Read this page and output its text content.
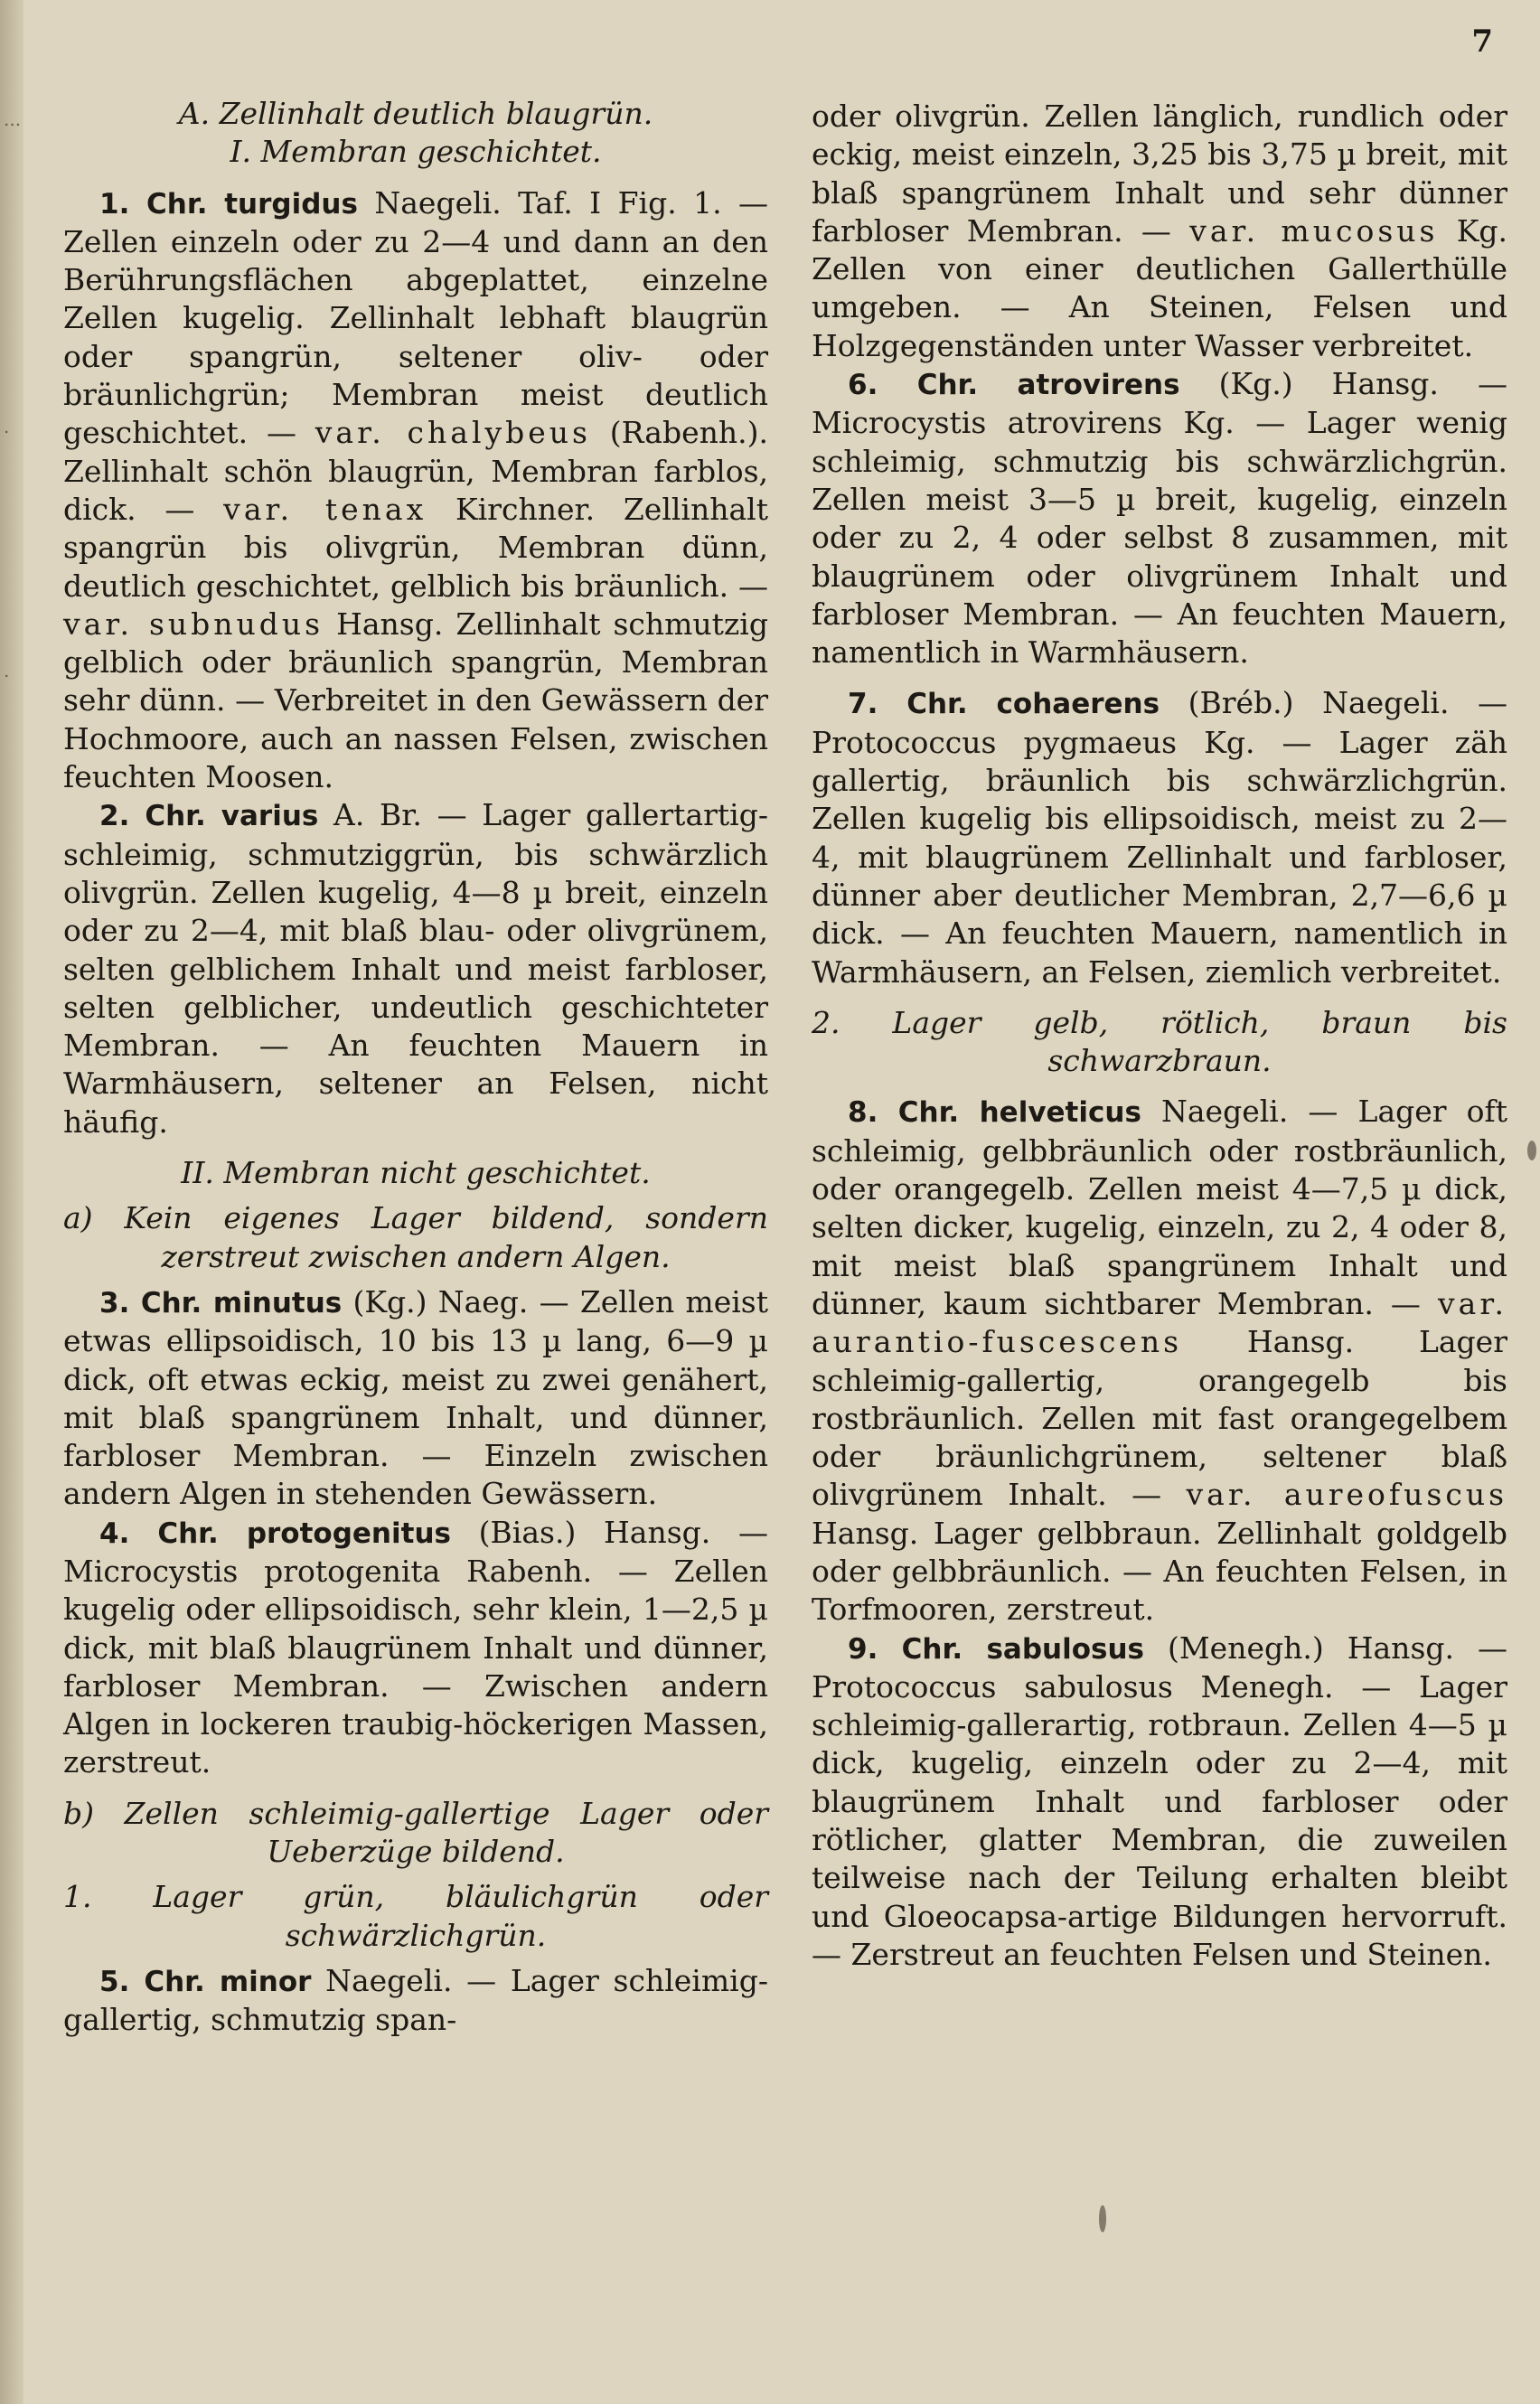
...
.
.
7

A. Zellinhalt deutlich blaugrün.

I. Membran geschichtet.

1. Chr. turgidus Naegeli. Taf. I Fig. 1. — Zellen einzeln oder zu 2—4 und dann an den Berührungsflächen abgeplattet, einzelne Zellen kugelig. Zellinhalt lebhaft blaugrün oder spangrün, seltener oliv- oder bräunlichgrün; Membran meist deutlich geschichtet. — var. chalybeus (Rabenh.). Zellinhalt schön blaugrün, Membran farblos, dick. — var. tenax Kirchner. Zellinhalt spangrün bis olivgrün, Membran dünn, deutlich geschichtet, gelblich bis bräunlich. — var. subnudus Hansg. Zellinhalt schmutzig gelblich oder bräunlich spangrün, Membran sehr dünn. — Verbreitet in den Gewässern der Hochmoore, auch an nassen Felsen, zwischen feuchten Moosen.

2. Chr. varius A. Br. — Lager gallertartig-schleimig, schmutziggrün, bis schwärzlich olivgrün. Zellen kugelig, 4—8 µ breit, einzeln oder zu 2—4, mit blaß blau- oder olivgrünem, selten gelblichem Inhalt und meist farbloser, selten gelblicher, undeutlich geschichteter Membran. — An feuchten Mauern in Warmhäusern, seltener an Felsen, nicht häufig.

II. Membran nicht geschichtet.

a) Kein eigenes Lager bildend, sondern zerstreut zwischen andern Algen.

3. Chr. minutus (Kg.) Naeg. — Zellen meist etwas ellipsoidisch, 10 bis 13 µ lang, 6—9 µ dick, oft etwas eckig, meist zu zwei genähert, mit blaß spangrünem Inhalt, und dünner, farbloser Membran. — Einzeln zwischen andern Algen in stehenden Gewässern.

4. Chr. protogenitus (Bias.) Hansg. — Microcystis protogenita Rabenh. — Zellen kugelig oder ellipsoidisch, sehr klein, 1—2,5 µ dick, mit blaß blaugrünem Inhalt und dünner, farbloser Membran. — Zwischen andern Algen in lockeren traubig-höckerigen Massen, zerstreut.

b) Zellen schleimig-gallertige Lager oder Ueberzüge bildend.

1. Lager grün, bläulichgrün oder schwärzlichgrün.

5. Chr. minor Naegeli. — Lager schleimig-gallertig, schmutzig span-

oder olivgrün. Zellen länglich, rundlich oder eckig, meist einzeln, 3,25 bis 3,75 µ breit, mit blaß spangrünem Inhalt und sehr dünner farbloser Membran. — var. mucosus Kg. Zellen von einer deutlichen Gallerthülle umgeben. — An Steinen, Felsen und Holzgegenständen unter Wasser verbreitet.

6. Chr. atrovirens (Kg.) Hansg. — Microcystis atrovirens Kg. — Lager wenig schleimig, schmutzig bis schwärzlichgrün. Zellen meist 3—5 µ breit, kugelig, einzeln oder zu 2, 4 oder selbst 8 zusammen, mit blaugrünem oder olivgrünem Inhalt und farbloser Membran. — An feuchten Mauern, namentlich in Warmhäusern.

7. Chr. cohaerens (Bréb.) Naegeli. — Protococcus pygmaeus Kg. — Lager zäh gallertig, bräunlich bis schwärzlichgrün. Zellen kugelig bis ellipsoidisch, meist zu 2—4, mit blaugrünem Zellinhalt und farbloser, dünner aber deutlicher Membran, 2,7—6,6 µ dick. — An feuchten Mauern, namentlich in Warmhäusern, an Felsen, ziemlich verbreitet.

2. Lager gelb, rötlich, braun bis schwarzbraun.

8. Chr. helveticus Naegeli. — Lager oft schleimig, gelbbräunlich oder rostbräunlich, oder orangegelb. Zellen meist 4—7,5 µ dick, selten dicker, kugelig, einzeln, zu 2, 4 oder 8, mit meist blaß spangrünem Inhalt und dünner, kaum sichtbarer Membran. — var. aurantio-fuscescens Hansg. Lager schleimig-gallertig, orangegelb bis rostbräunlich. Zellen mit fast orangegelbem oder bräunlichgrünem, seltener blaß olivgrünem Inhalt. — var. aureofuscus Hansg. Lager gelbbraun. Zellinhalt goldgelb oder gelbbräunlich. — An feuchten Felsen, in Torfmooren, zerstreut.

9. Chr. sabulosus (Menegh.) Hansg. — Protococcus sabulosus Menegh. — Lager schleimig-gallerartig, rotbraun. Zellen 4—5 µ dick, kugelig, einzeln oder zu 2—4, mit blaugrünem Inhalt und farbloser oder rötlicher, glatter Membran, die zuweilen teilweise nach der Teilung erhalten bleibt und Gloeocapsa-artige Bildungen hervorruft. — Zerstreut an feuchten Felsen und Steinen.
